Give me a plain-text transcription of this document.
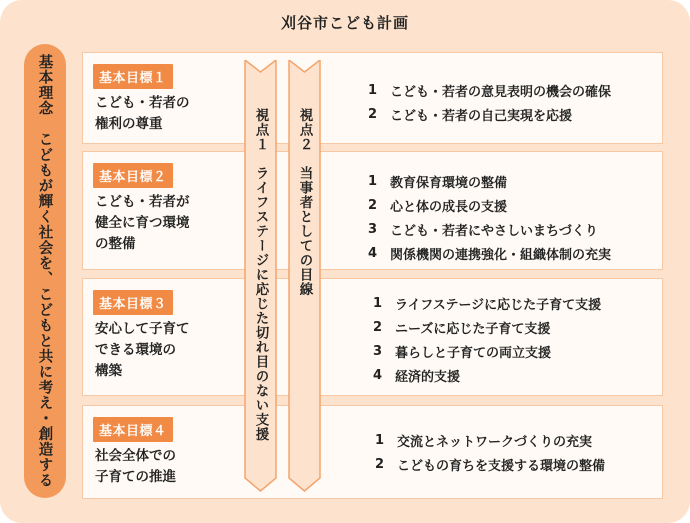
刈谷市こども計画
基本理念　こどもが輝く社会を、こどもと共に考え・創造する	基本目標１
こども・若者の
権利の尊重
1 こども・若者の意見表明の機会の確保
2 こども・若者の自己実現を応援
基本目標２
こども・若者が
健全に育つ環境
の整備
1 教育保育環境の整備
2 心と体の成長の支援
3 こども・若者にやさしいまちづくり
4 関係機関の連携強化・組織体制の充実
基本目標３
安心して子育て
できる環境の
構築
1 ライフステージに応じた子育て支援
2 ニーズに応じた子育て支援
3 暮らしと子育ての両立支援
4 経済的支援
基本目標４
社会全体での
子育ての推進
1 交流とネットワークづくりの充実
2 こどもの育ちを支援する環境の整備
視点１　ライフステージに応じた切れ目のない支援 視点２　当事者としての目線
